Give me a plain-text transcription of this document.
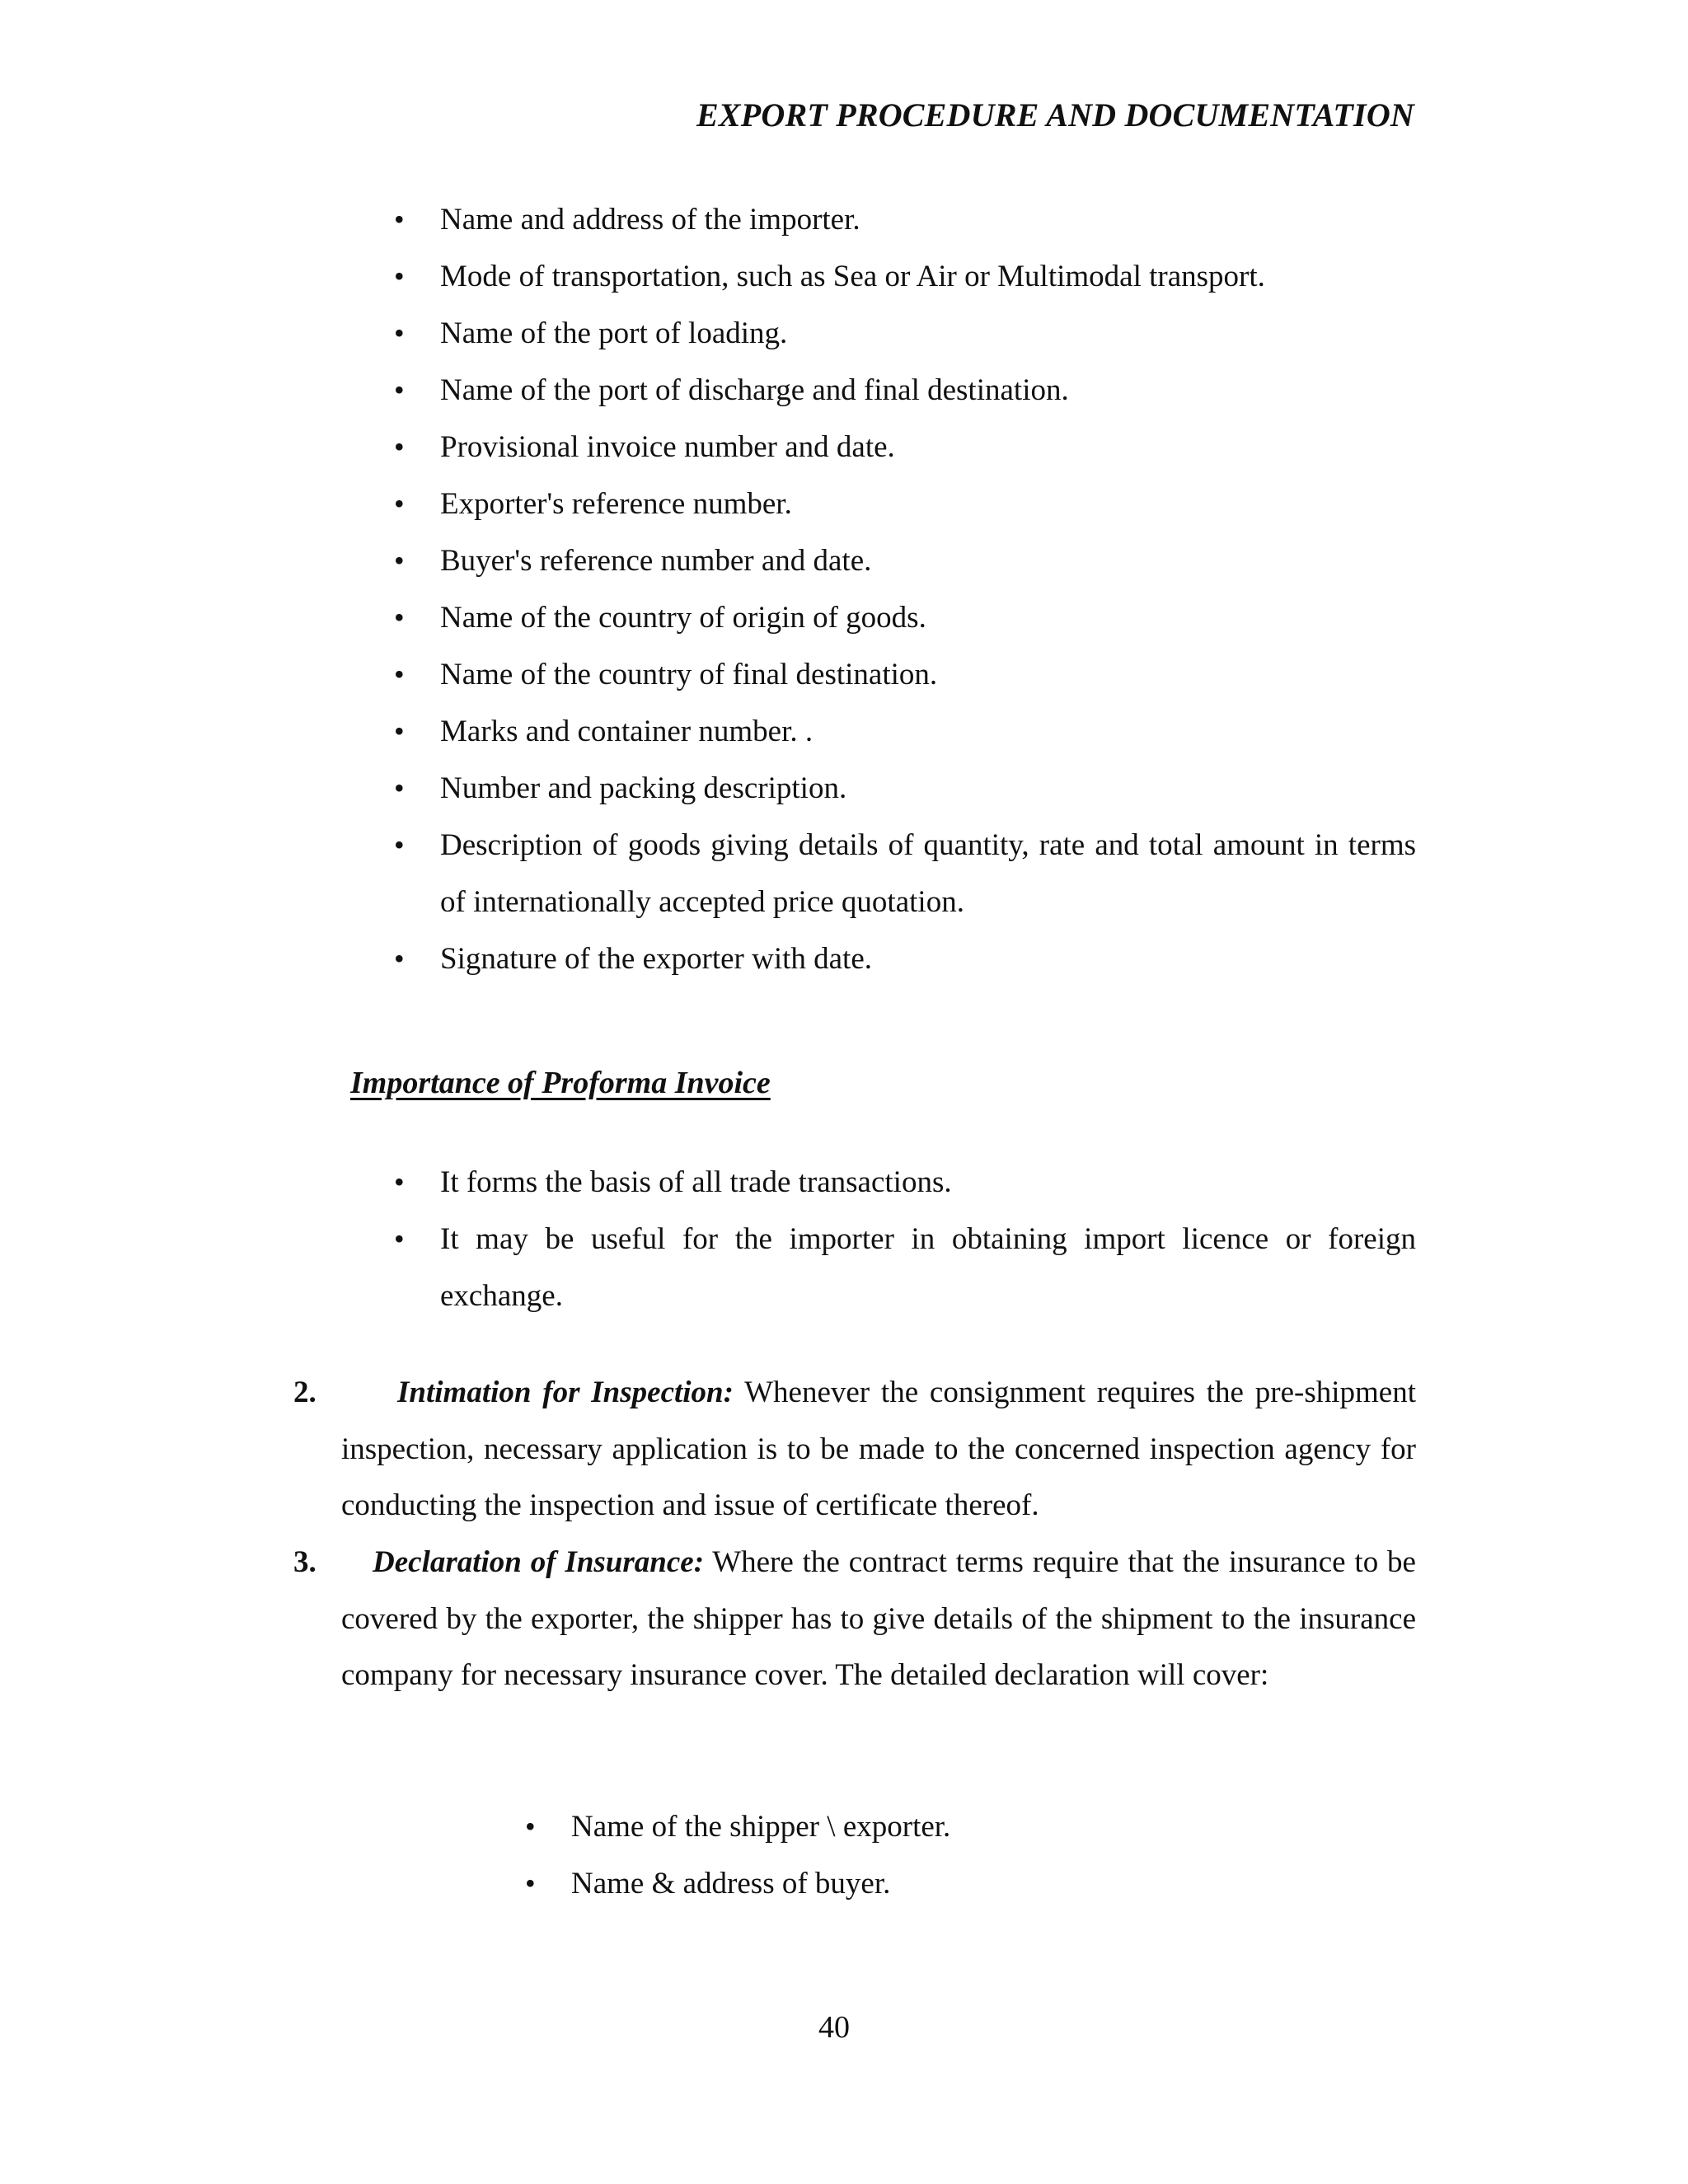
EXPORT PROCEDURE AND DOCUMENTATION
• Name and address of the importer.
• Mode of transportation, such as Sea or Air or Multimodal transport.
• Name of the port of loading.
• Name of the port of discharge and final destination.
• Provisional invoice number and date.
• Exporter's reference number.
• Buyer's reference number and date.
• Name of the country of origin of goods.
• Name of the country of final destination.
• Marks and container number. .
• Number and packing description.
• Description of goods giving details of quantity, rate and total amount in terms of internationally accepted price quotation.
• Signature of the exporter with date.
Importance of Proforma Invoice
• It forms the basis of all trade transactions.
• It may be useful for the importer in obtaining import licence or foreign exchange.
2.	Intimation for Inspection: Whenever the consignment requires the pre-shipment inspection, necessary application is to be made to the concerned inspection agency for conducting the inspection and issue of certificate thereof.
3.	Declaration of Insurance: Where the contract terms require that the insurance to be covered by the exporter, the shipper has to give details of the shipment to the insurance company for necessary insurance cover. The detailed declaration will cover:
• Name of the shipper \ exporter.
• Name & address of buyer.
40
